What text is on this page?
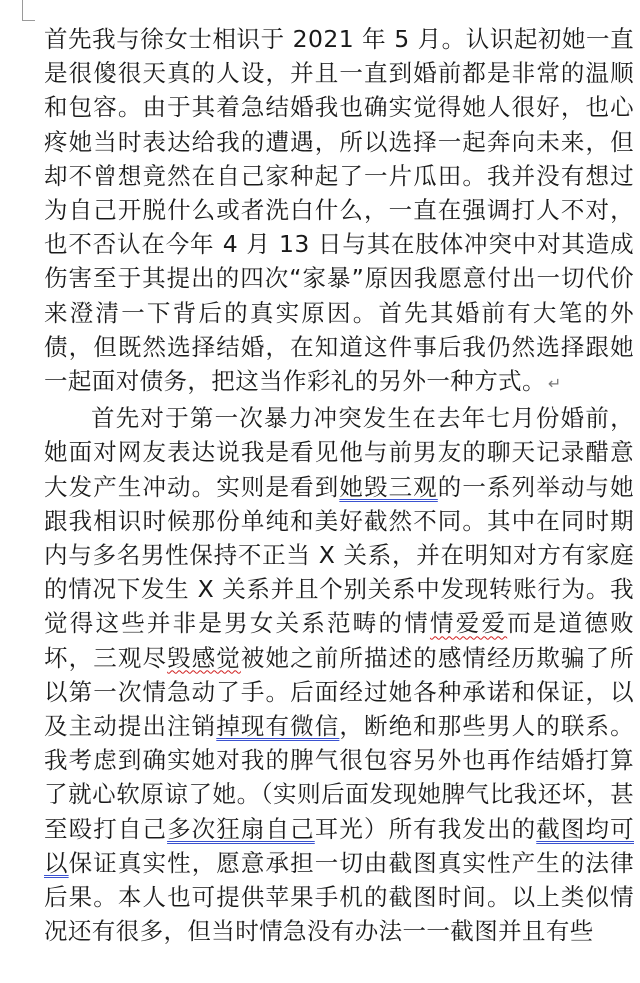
首先我与徐女士相识于 2021 年 5 月。认识起初她一直是很傻很天真的人设，并且一直到婚前都是非常的温顺和包容。由于其着急结婚我也确实觉得她人很好，也心疼她当时表达给我的遭遇，所以选择一起奔向未来，但却不曾想竟然在自己家种起了一片瓜田。我并没有想过为自己开脱什么或者洗白什么，一直在强调打人不对，也不否认在今年 4 月 13 日与其在肢体冲突中对其造成伤害至于其提出的四次“家暴”原因我愿意付出一切代价来澄清一下背后的真实原因。首先其婚前有大笔的外债，但既然选择结婚，在知道这件事后我仍然选择跟她一起面对债务，把这当作彩礼的另外一种方式。 ↵

首先对于第一次暴力冲突发生在去年七月份婚前，她面对网友表达说我是看见他与前男友的聊天记录醋意大发产生冲动。实则是看到她毁三观的一系列举动与她跟我相识时候那份单纯和美好截然不同。其中在同时期内与多名男性保持不正当 X 关系，并在明知对方有家庭的情况下发生 X 关系并且个别关系中发现转账行为。我觉得这些并非是男女关系范畴的情情爱爱而是道德败坏，三观尽毁感觉被她之前所描述的感情经历欺骗了所以第一次情急动了手。后面经过她各种承诺和保证，以及主动提出注销掉现有微信，断绝和那些男人的联系。我考虑到确实她对我的脾气很包容另外也再作结婚打算了就心软原谅了她。（实则后面发现她脾气比我还坏，甚至殴打自己多次狂扇自己耳光）所有我发出的截图均可以保证真实性，愿意承担一切由截图真实性产生的法律后果。本人也可提供苹果手机的截图时间。以上类似情况还有很多，但当时情急没有办法一一截图并且有些
